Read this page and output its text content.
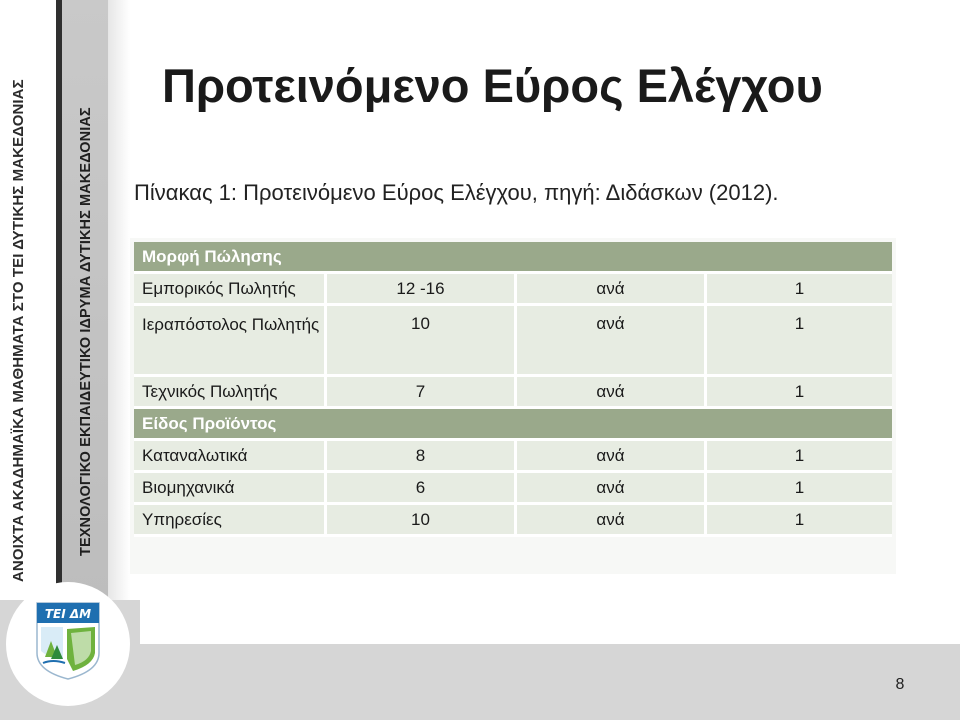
ΑΝΟΙΧΤΑ ΑΚΑΔΗΜΑΪΚΑ ΜΑΘΗΜΑΤΑ ΣΤΟ ΤΕΙ ΔΥΤΙΚΗΣ ΜΑΚΕΔΟΝΙΑΣ	ΤΕΧΝΟΛΟΓΙΚΟ ΕΚΠΑΙΔΕΥΤΙΚΟ ΙΔΡΥΜΑ ΔΥΤΙΚΗΣ ΜΑΚΕΔΟΝΙΑΣ
ΤΕΙ ΔΜ
8
Προτεινόμενο Εύρος Ελέγχου

Πίνακας 1: Προτεινόμενο Εύρος Ελέγχου, πηγή: Διδάσκων (2012).

Μορφή Πώλησης			
Εμπορικός Πωλητής	12 -16	ανά	1
Ιεραπόστολος Πωλητής	10	ανά	1
Τεχνικός Πωλητής	7	ανά	1
Είδος Προϊόντος			
Καταναλωτικά	8	ανά	1
Βιομηχανικά	6	ανά	1
Υπηρεσίες	10	ανά	1
